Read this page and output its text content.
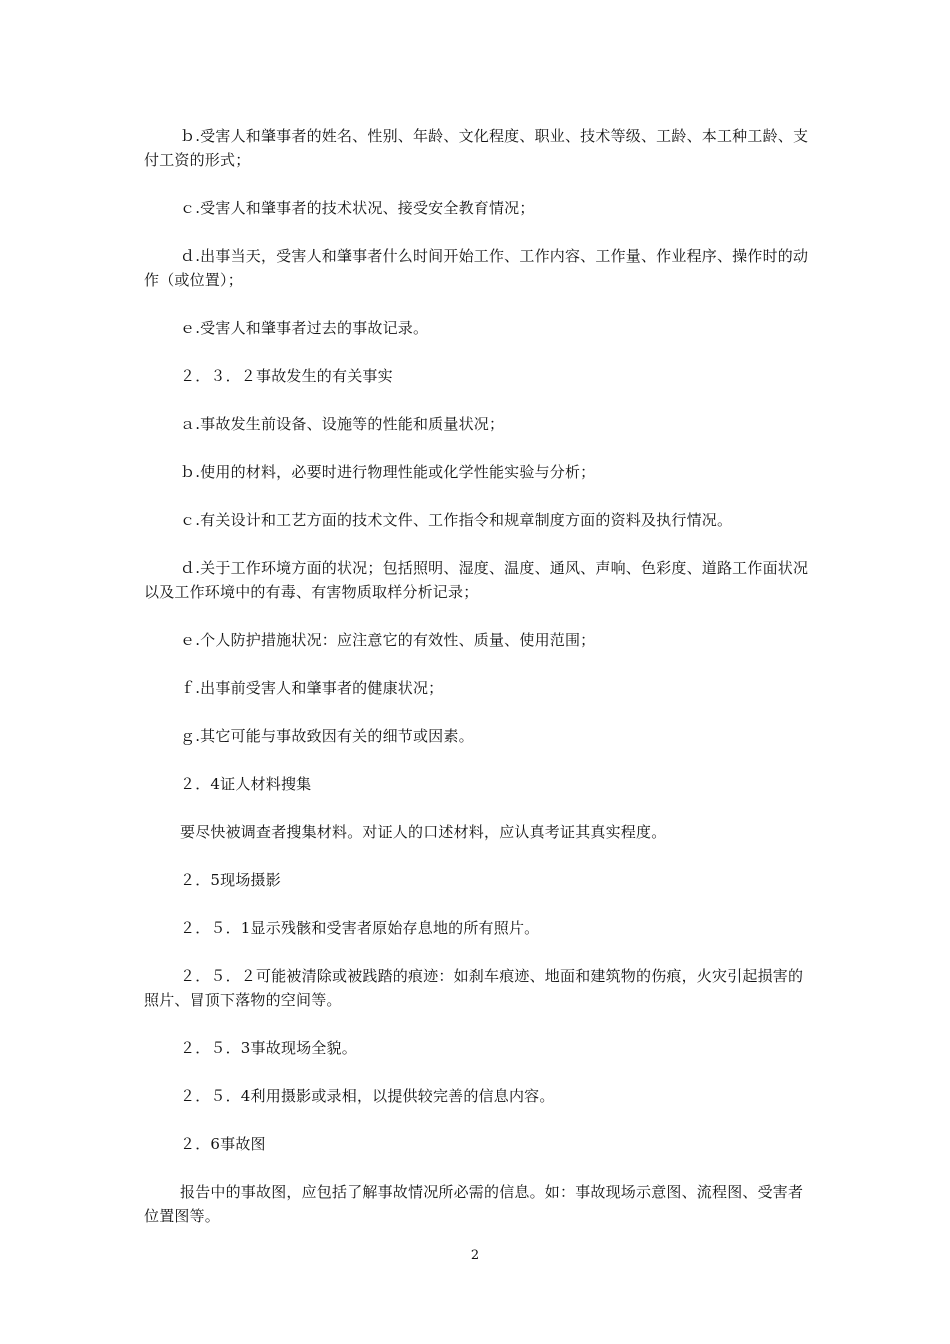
ｂ.受害人和肇事者的姓名、性别、年龄、文化程度、职业、技术等级、工龄、本工种工龄、支付工资的形式；

ｃ.受害人和肇事者的技术状况、接受安全教育情况；

ｄ.出事当天，受害人和肇事者什么时间开始工作、工作内容、工作量、作业程序、操作时的动作（或位置）；

ｅ.受害人和肇事者过去的事故记录。

２．３．２事故发生的有关事实

ａ.事故发生前设备、设施等的性能和质量状况；

ｂ.使用的材料，必要时进行物理性能或化学性能实验与分析；

ｃ.有关设计和工艺方面的技术文件、工作指令和规章制度方面的资料及执行情况。

ｄ.关于工作环境方面的状况；包括照明、湿度、温度、通风、声响、色彩度、道路工作面状况以及工作环境中的有毒、有害物质取样分析记录；

ｅ.个人防护措施状况：应注意它的有效性、质量、使用范围；

ｆ.出事前受害人和肇事者的健康状况；

ｇ.其它可能与事故致因有关的细节或因素。

２．4证人材料搜集

要尽快被调查者搜集材料。对证人的口述材料，应认真考证其真实程度。

２．5现场摄影

２．５．1显示残骸和受害者原始存息地的所有照片。

２．５．２可能被清除或被践踏的痕迹：如刹车痕迹、地面和建筑物的伤痕，火灾引起损害的照片、冒顶下落物的空间等。

２．５．3事故现场全貌。

２．５．4利用摄影或录相，以提供较完善的信息内容。

２．6事故图

报告中的事故图，应包括了解事故情况所必需的信息。如：事故现场示意图、流程图、受害者位置图等。

2
